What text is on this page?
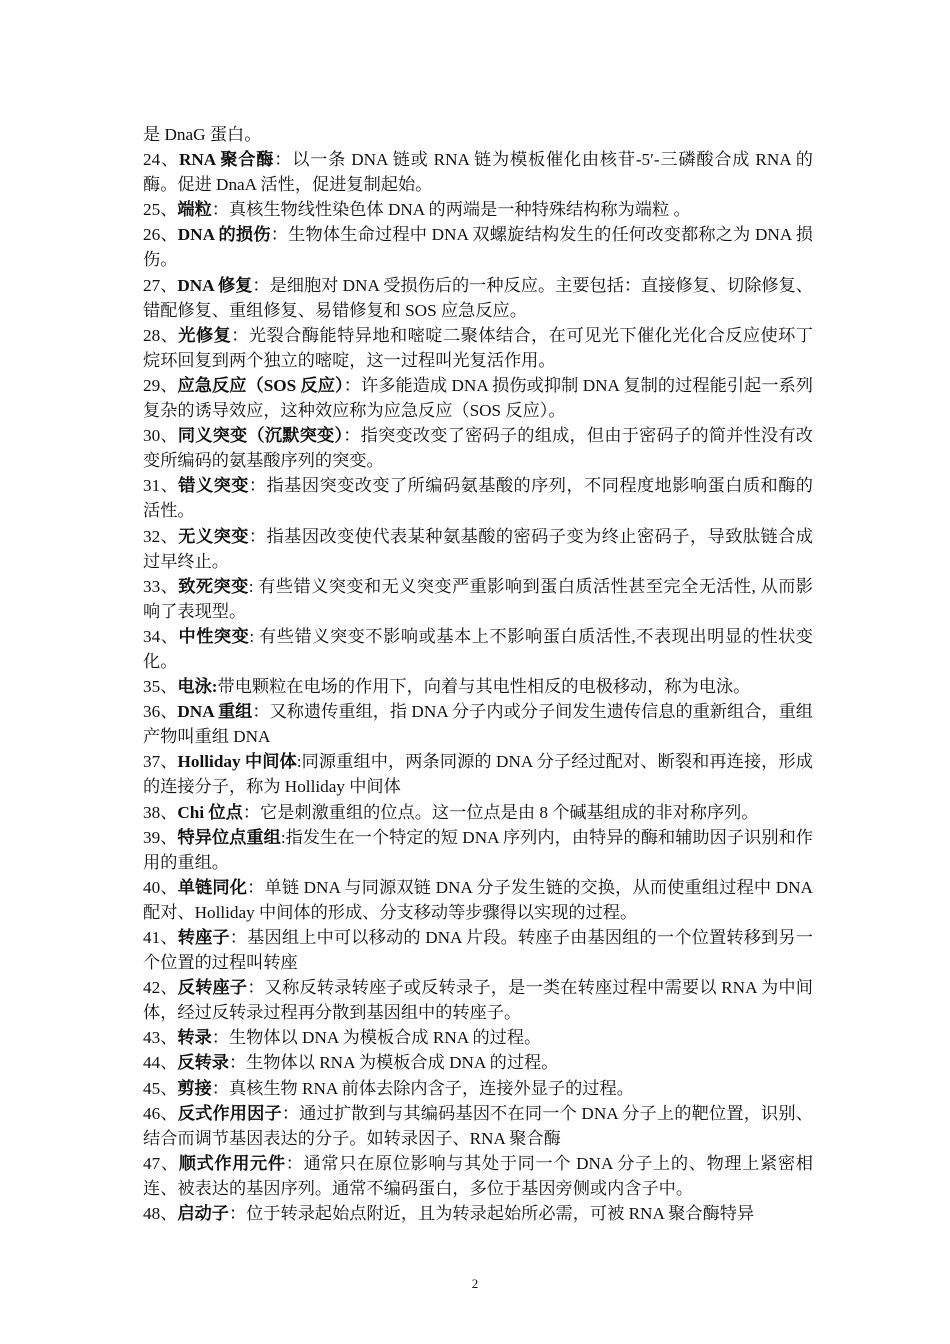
是 DnaG 蛋白。

24、RNA 聚合酶：以一条 DNA 链或 RNA 链为模板催化由核苷-5′-三磷酸合成 RNA 的酶。促进 DnaA 活性，促进复制起始。

25、端粒：真核生物线性染色体 DNA 的两端是一种特殊结构称为端粒 。

26、DNA 的损伤：生物体生命过程中 DNA 双螺旋结构发生的任何改变都称之为 DNA 损伤。

27、DNA 修复：是细胞对 DNA 受损伤后的一种反应。主要包括：直接修复、切除修复、错配修复、重组修复、易错修复和 SOS 应急反应。

28、光修复：光裂合酶能特异地和嘧啶二聚体结合，在可见光下催化光化合反应使环丁烷环回复到两个独立的嘧啶，这一过程叫光复活作用。

29、应急反应（SOS 反应）：许多能造成 DNA 损伤或抑制 DNA 复制的过程能引起一系列复杂的诱导效应，这种效应称为应急反应（SOS 反应）。

30、同义突变（沉默突变）：指突变改变了密码子的组成，但由于密码子的简并性没有改变所编码的氨基酸序列的突变。

31、错义突变：指基因突变改变了所编码氨基酸的序列，不同程度地影响蛋白质和酶的活性。

32、无义突变：指基因改变使代表某种氨基酸的密码子变为终止密码子，导致肽链合成过早终止。

33、致死突变: 有些错义突变和无义突变严重影响到蛋白质活性甚至完全无活性, 从而影响了表现型。

34、中性突变: 有些错义突变不影响或基本上不影响蛋白质活性,不表现出明显的性状变化。

35、电泳:带电颗粒在电场的作用下，向着与其电性相反的电极移动，称为电泳。

36、DNA 重组：又称遗传重组，指 DNA 分子内或分子间发生遗传信息的重新组合，重组产物叫重组 DNA

37、Holliday 中间体:同源重组中，两条同源的 DNA 分子经过配对、断裂和再连接，形成的连接分子，称为 Holliday 中间体

38、Chi 位点：它是刺激重组的位点。这一位点是由 8 个碱基组成的非对称序列。

39、特异位点重组:指发生在一个特定的短 DNA 序列内，由特异的酶和辅助因子识别和作用的重组。

40、单链同化：单链 DNA 与同源双链 DNA 分子发生链的交换，从而使重组过程中 DNA 配对、Holliday 中间体的形成、分支移动等步骤得以实现的过程。

41、转座子：基因组上中可以移动的 DNA 片段。转座子由基因组的一个位置转移到另一个位置的过程叫转座

42、反转座子：又称反转录转座子或反转录子，是一类在转座过程中需要以 RNA 为中间体，经过反转录过程再分散到基因组中的转座子。

43、转录：生物体以 DNA 为模板合成 RNA 的过程。

44、反转录：生物体以 RNA 为模板合成 DNA 的过程。

45、剪接：真核生物 RNA 前体去除内含子，连接外显子的过程。

46、反式作用因子：通过扩散到与其编码基因不在同一个 DNA 分子上的靶位置，识别、结合而调节基因表达的分子。如转录因子、RNA 聚合酶

47、顺式作用元件：通常只在原位影响与其处于同一个 DNA 分子上的、物理上紧密相连、被表达的基因序列。通常不编码蛋白，多位于基因旁侧或内含子中。

48、启动子：位于转录起始点附近，且为转录起始所必需，可被 RNA 聚合酶特异

2
